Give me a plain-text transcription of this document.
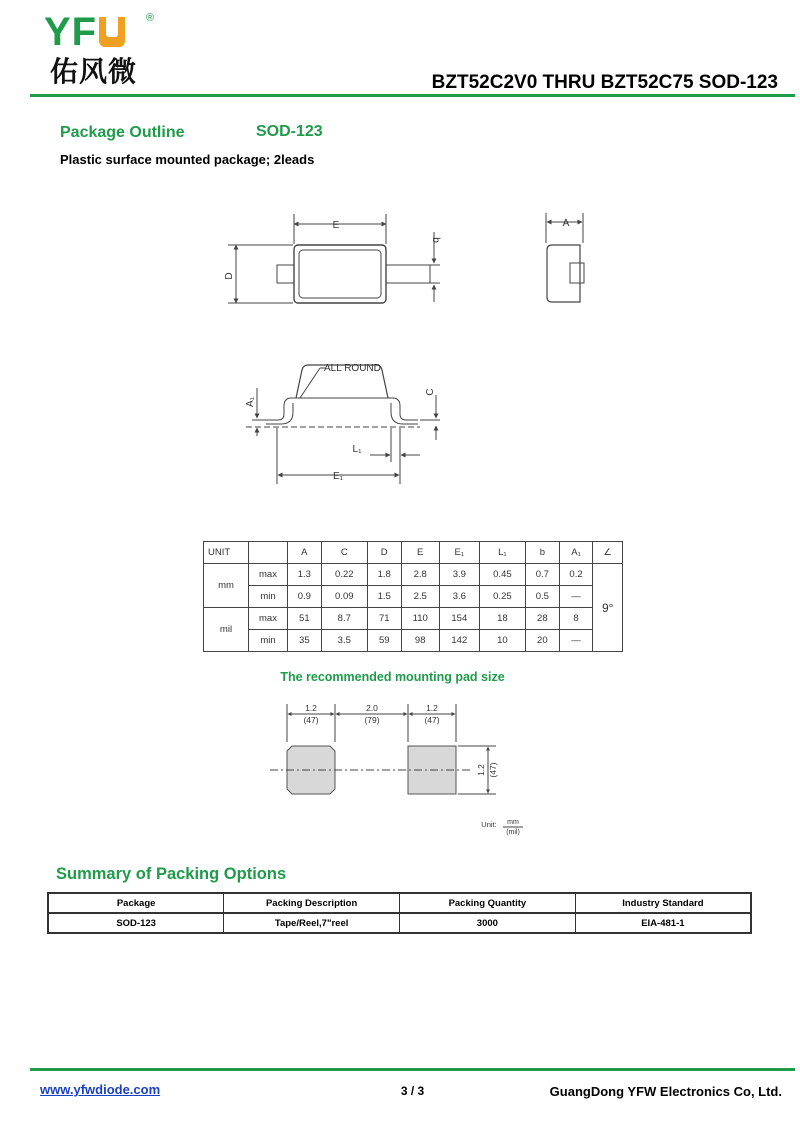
YF	®
佑风微	BZT52C2V0 THRU BZT52C75 SOD-123
Package Outline	SOD-123
Plastic surface mounted package; 2leads
E
D
b
A
ALL ROUND
A₁
C
L₁
E₁
UNIT		A	C	D	E	E₁	L₁	b	A₁	∠
mm	max	1.3	0.22	1.8	2.8	3.9	0.45	0.7	0.2	9°
	min	0.9	0.09	1.5	2.5	3.6	0.25	0.5	—	
mil	max	51	8.7	71	110	154	18	28	8	
	min	35	3.5	59	98	142	10	20	—	
The recommended mounting pad size
1.2
(47)
2.0
(79)
1.2
(47)
1.2 (47)
Unit: mm
(mil)
Summary of Packing Options
Package	Packing Description	Packing Quantity	Industry Standard
SOD-123	Tape/Reel,7"reel	3000	EIA-481-1
www.yfwdiode.com	3 / 3	GuangDong YFW Electronics Co, Ltd.
